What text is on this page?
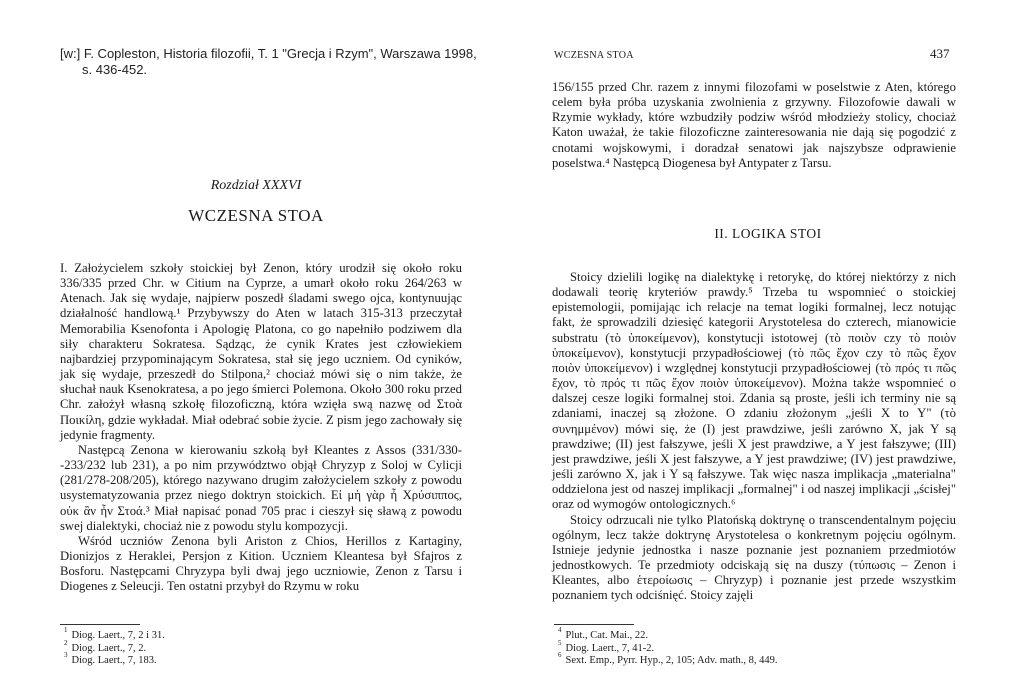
[w:] F. Copleston, Historia filozofii, T. 1 "Grecja i Rzym", Warszawa 1998,
s. 436-452.
Rozdział XXXVI
WCZESNA STOA

I. Założycielem szkoły stoickiej był Zenon, który urodził się około roku 336/335 przed Chr. w Citium na Cyprze, a umarł około roku 264/263 w Atenach. Jak się wydaje, najpierw poszedł śladami swego ojca, kontynuując działalność handlową.¹ Przybywszy do Aten w latach 315-313 przeczytał Memorabilia Ksenofonta i Apologię Platona, co go napełniło podziwem dla siły charakteru Sokratesa. Sądząc, że cynik Krates jest człowiekiem najbardziej przypominającym Sokratesa, stał się jego uczniem. Od cyników, jak się wydaje, przeszedł do Stilpona,² chociaż mówi się o nim także, że słuchał nauk Ksenokratesa, a po jego śmierci Polemona. Około 300 roku przed Chr. założył własną szkołę filozoficzną, która wzięła swą nazwę od Στοὰ Ποικίλη, gdzie wykładał. Miał odebrać sobie życie. Z pism jego zachowały się jedynie fragmenty.

Następcą Zenona w kierowaniu szkołą był Kleantes z Assos (331/330--233/232 lub 231), a po nim przywództwo objął Chryzyp z Soloj w Cylicji (281/278-208/205), którego nazywano drugim założycielem szkoły z powodu usystematyzowania przez niego doktryn stoickich. Εἰ μὴ γὰρ ἦ Χρύσιππος, οὐκ ἂν ἦν Στοά.³ Miał napisać ponad 705 prac i cieszył się sławą z powodu swej dialektyki, chociaż nie z powodu stylu kompozycji.

Wśród uczniów Zenona byli Ariston z Chios, Herillos z Kartaginy, Dionizjos z Heraklei, Persjon z Kition. Uczniem Kleantesa był Sfajros z Bosforu. Następcami Chryzypa byli dwaj jego uczniowie, Zenon z Tarsu i Diogenes z Seleucji. Ten ostatni przybył do Rzymu w roku

$^1$ Diog. Laert., 7, 2 i 31.
$^2$ Diog. Laert., 7, 2.
$^3$ Diog. Laert., 7, 183.
WCZESNA STOA	437

156/155 przed Chr. razem z innymi filozofami w poselstwie z Aten, którego celem była próba uzyskania zwolnienia z grzywny. Filozofowie dawali w Rzymie wykłady, które wzbudziły podziw wśród młodzieży stolicy, chociaż Katon uważał, że takie filozoficzne zainteresowania nie dają się pogodzić z cnotami wojskowymi, i doradzał senatowi jak najszybsze odprawienie poselstwa.⁴ Następcą Diogenesa był Antypater z Tarsu.

II. LOGIKA STOI

Stoicy dzielili logikę na dialektykę i retorykę, do której niektórzy z nich dodawali teorię kryteriów prawdy.⁵ Trzeba tu wspomnieć o stoickiej epistemologii, pomijając ich relacje na temat logiki formalnej, lecz notując fakt, że sprowadzili dziesięć kategorii Arystotelesa do czterech, mianowicie substratu (τὸ ὑποκείμενον), konstytucji istotowej (τὸ ποιὸν czy τὸ ποιὸν ὑποκείμενον), konstytucji przypadłościowej (τὸ πῶς ἔχον czy τὸ πῶς ἔχον ποιὸν ὑποκείμενον) i względnej konstytucji przypadłościowej (τὸ πρός τι πῶς ἔχον, τὸ πρός τι πῶς ἔχον ποιὸν ὑποκείμενον). Można także wspomnieć o dalszej cesze logiki formalnej stoi. Zdania są proste, jeśli ich terminy nie są zdaniami, inaczej są złożone. O zdaniu złożonym „jeśli X to Y" (τὸ συνημμένον) mówi się, że (I) jest prawdziwe, jeśli zarówno X, jak Y są prawdziwe; (II) jest fałszywe, jeśli X jest prawdziwe, a Y jest fałszywe; (III) jest prawdziwe, jeśli X jest fałszywe, a Y jest prawdziwe; (IV) jest prawdziwe, jeśli zarówno X, jak i Y są fałszywe. Tak więc nasza implikacja „materialna" oddzielona jest od naszej implikacji „formalnej" i od naszej implikacji „ścisłej" oraz od wymogów ontologicznych.⁶

Stoicy odrzucali nie tylko Platońską doktrynę o transcendentalnym pojęciu ogólnym, lecz także doktrynę Arystotelesa o konkretnym pojęciu ogólnym. Istnieje jedynie jednostka i nasze poznanie jest poznaniem przedmiotów jednostkowych. Te przedmioty odciskają się na duszy (τύπωσις – Zenon i Kleantes, albo ἑτεροίωσις – Chryzyp) i poznanie jest przede wszystkim poznaniem tych odciśnięć. Stoicy zajęli

$^4$ Plut., Cat. Mai., 22.
$^5$ Diog. Laert., 7, 41-2.
$^6$ Sext. Emp., Pyrr. Hyp., 2, 105; Adv. math., 8, 449.
